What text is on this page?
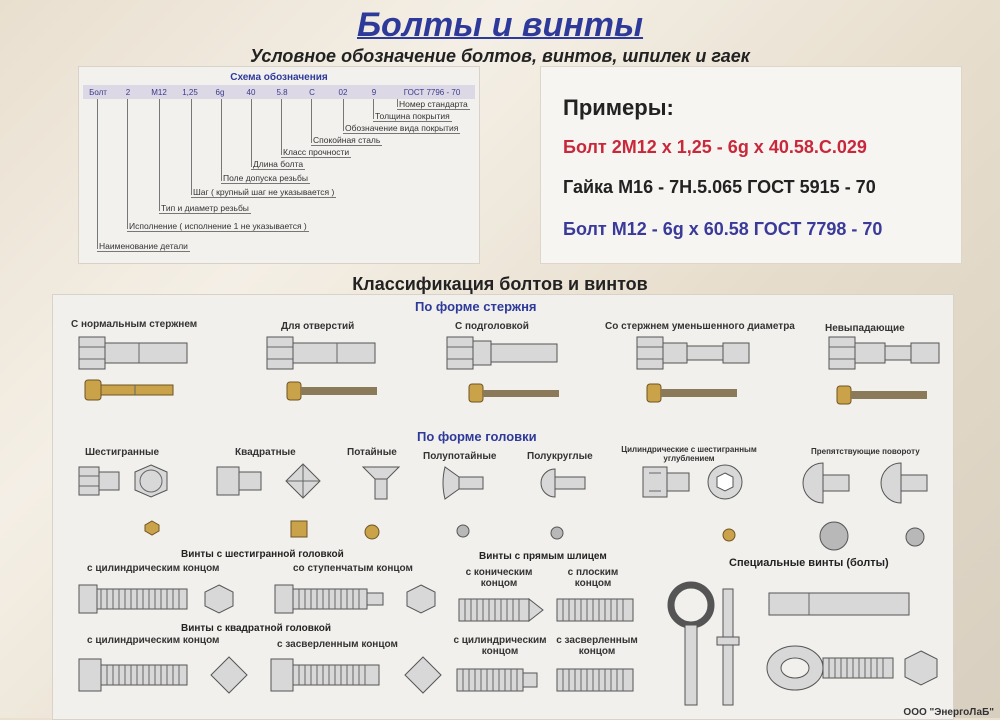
Болты и винты
Условное обозначение болтов, винтов, шпилек и гаек
Схема обозначения
Болт	2	M12	1,25	6g	40	5.8	C	02	9	ГОСТ 7796 - 70
Номер стандарта
Толщина покрытия
Обозначение вида покрытия
Спокойная сталь
Класс прочности
Длина болта
Поле допуска резьбы
Шаг ( крупный шаг не указывается )
Тип и диаметр резьбы
Исполнение ( исполнение 1 не указывается )
Наименование детали
Примеры:
Болт 2M12 x 1,25 - 6g x 40.58.C.029
Гайка М16 - 7H.5.065 ГОСТ 5915 - 70
Болт M12 - 6g x 60.58 ГОСТ 7798 - 70
Классификация болтов и винтов
По форме стержня
С нормальным стержнем	Для отверстий	С подголовкой	Со стержнем уменьшенного диаметра	Невыпадающие
По форме головки
Шестигранные	Квадратные	Потайные	Полупотайные	Полукруглые
Цилиндрические с шестигранным углублением
Препятствующие повороту
Винты с шестигранной головкой
с цилиндрическим концом	со ступенчатым концом
Винты с квадратной головкой
с цилиндрическим концом	с засверленным концом
Винты с прямым шлицем
с коническим концом
с плоским концом
с цилиндрическим концом
с засверленным концом
Специальные винты (болты)
ООО "ЭнергоЛаБ"
